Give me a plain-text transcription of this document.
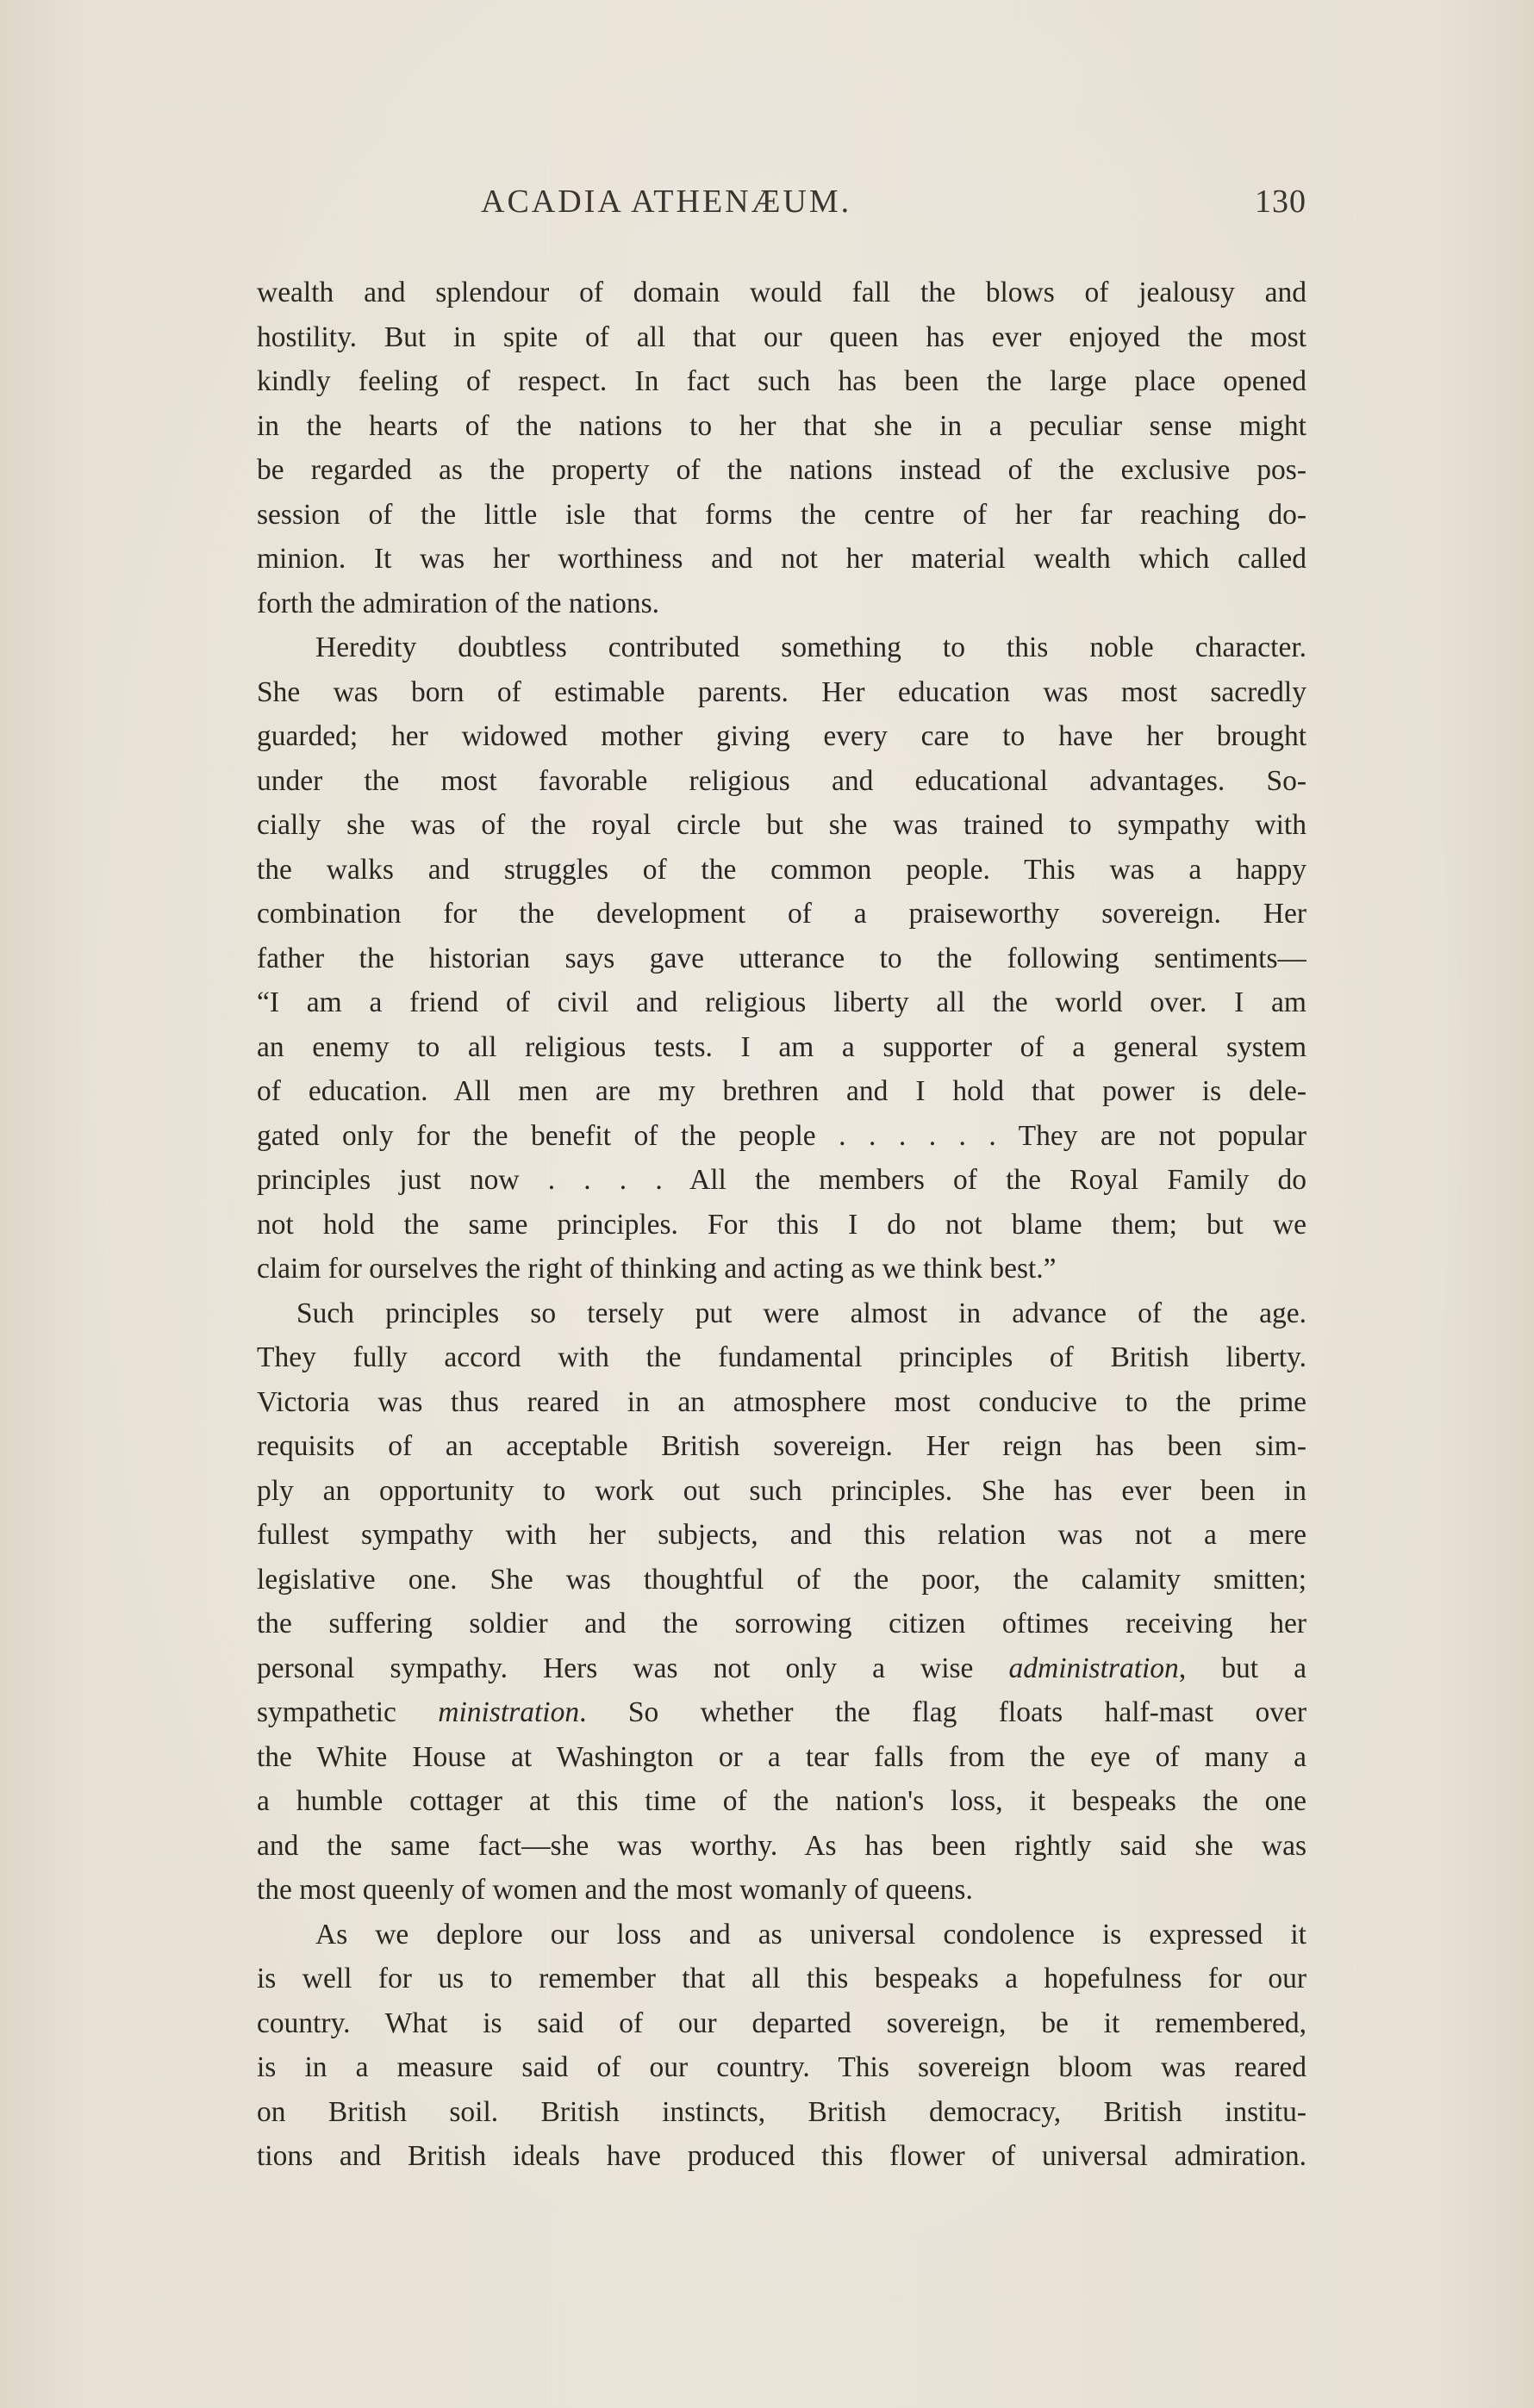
ACADIA ATHENÆUM.	130
wealth and splendour of domain would fall the blows of jealousy and
hostility. But in spite of all that our queen has ever enjoyed the most
kindly feeling of respect. In fact such has been the large place opened
in the hearts of the nations to her that she in a peculiar sense might
be regarded as the property of the nations instead of the exclusive pos-
session of the little isle that forms the centre of her far reaching do-
minion. It was her worthiness and not her material wealth which called
forth the admiration of the nations.
Heredity doubtless contributed something to this noble character.
She was born of estimable parents. Her education was most sacredly
guarded; her widowed mother giving every care to have her brought
under the most favorable religious and educational advantages. So-
cially she was of the royal circle but she was trained to sympathy with
the walks and struggles of the common people. This was a happy
combination for the development of a praiseworthy sovereign. Her
father the historian says gave utterance to the following sentiments—
“I am a friend of civil and religious liberty all the world over. I am
an enemy to all religious tests. I am a supporter of a general system
of education. All men are my brethren and I hold that power is dele-
gated only for the benefit of the people . . . . . . They are not popular
principles just now . . . . All the members of the Royal Family do
not hold the same principles. For this I do not blame them; but we
claim for ourselves the right of thinking and acting as we think best.”
Such principles so tersely put were almost in advance of the age.
They fully accord with the fundamental principles of British liberty.
Victoria was thus reared in an atmosphere most conducive to the prime
requisits of an acceptable British sovereign. Her reign has been sim-
ply an opportunity to work out such principles. She has ever been in
fullest sympathy with her subjects, and this relation was not a mere
legislative one. She was thoughtful of the poor, the calamity smitten;
the suffering soldier and the sorrowing citizen oftimes receiving her
personal sympathy. Hers was not only a wise administration, but a
sympathetic ministration. So whether the flag floats half-mast over
the White House at Washington or a tear falls from the eye of many a
a humble cottager at this time of the nation's loss, it bespeaks the one
and the same fact—she was worthy. As has been rightly said she was
the most queenly of women and the most womanly of queens.
As we deplore our loss and as universal condolence is expressed it
is well for us to remember that all this bespeaks a hopefulness for our
country. What is said of our departed sovereign, be it remembered,
is in a measure said of our country. This sovereign bloom was reared
on British soil. British instincts, British democracy, British institu-
tions and British ideals have produced this flower of universal admiration.
